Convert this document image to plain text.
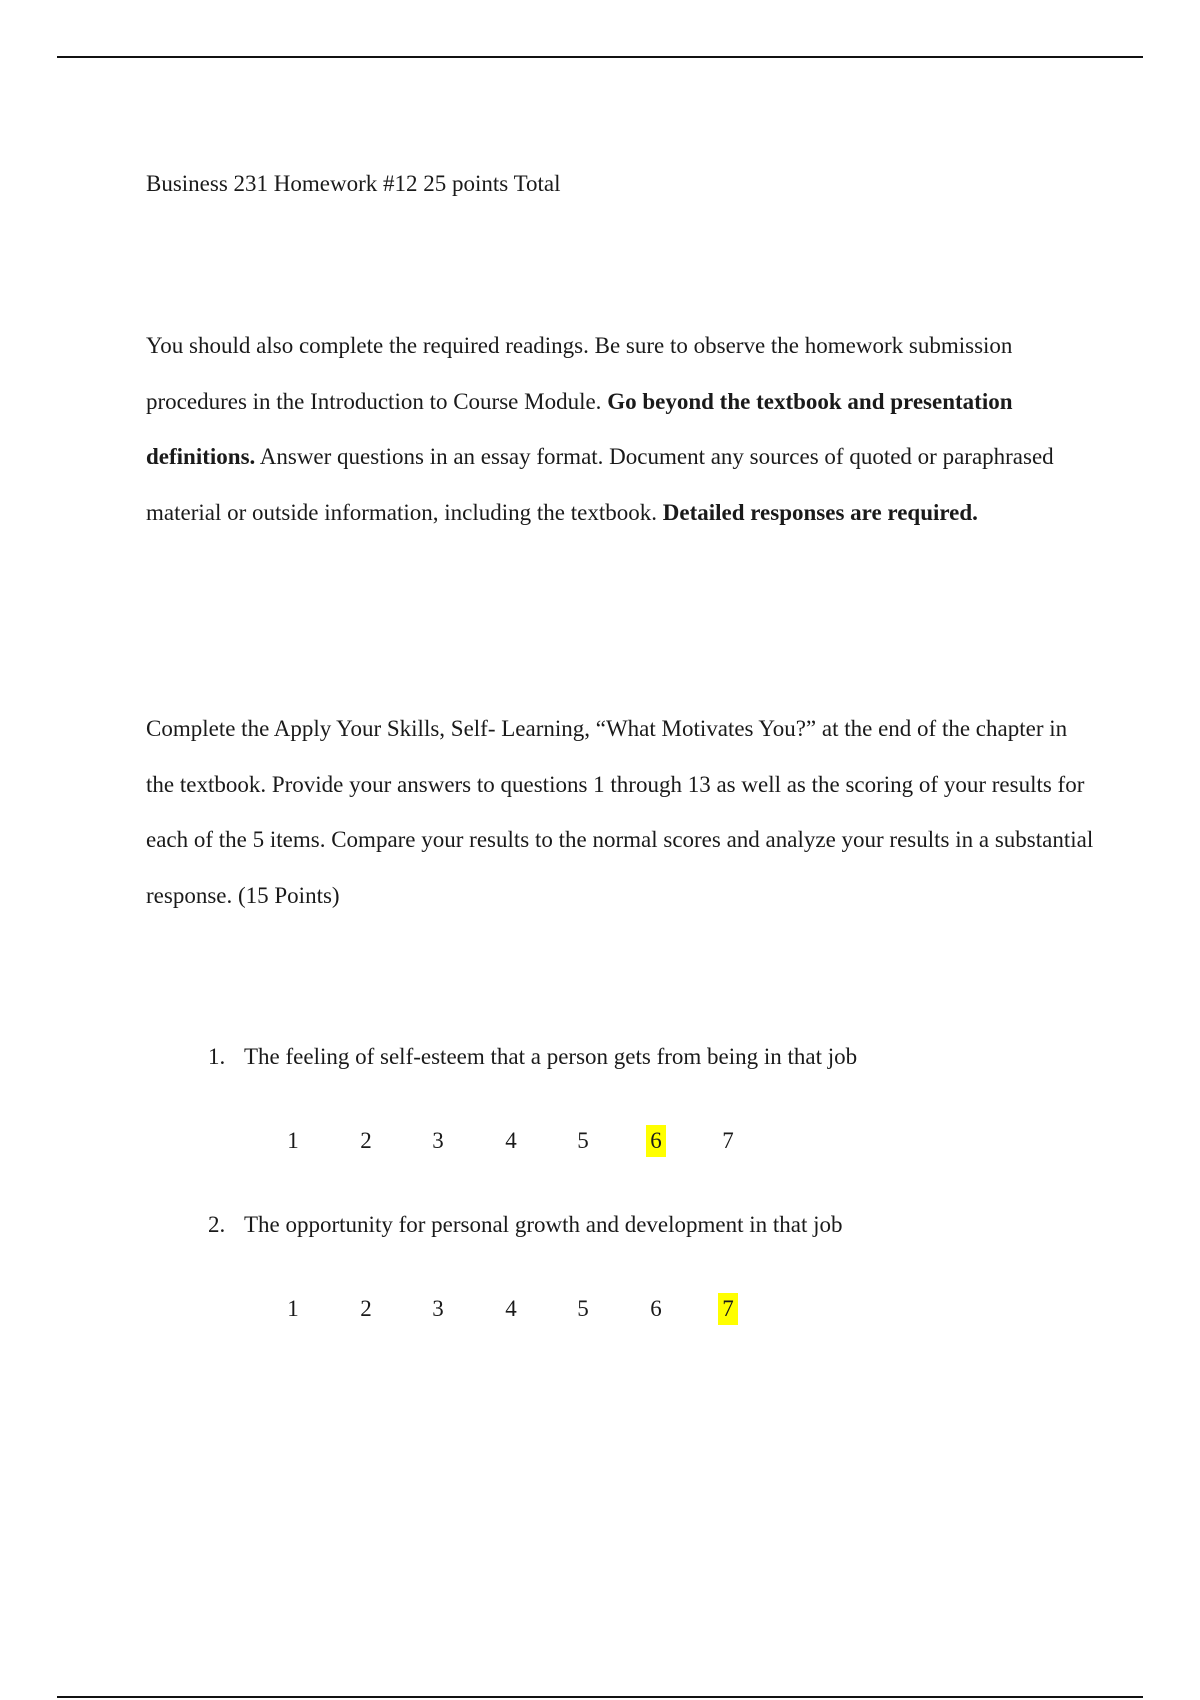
Business 231 Homework #12 25 points Total
You should also complete the required readings. Be sure to observe the homework submission procedures in the Introduction to Course Module. Go beyond the textbook and presentation definitions. Answer questions in an essay format. Document any sources of quoted or paraphrased material or outside information, including the textbook. Detailed responses are required.
Complete the Apply Your Skills, Self- Learning, “What Motivates You?” at the end of the chapter in the textbook. Provide your answers to questions 1 through 13 as well as the scoring of your results for each of the 5 items. Compare your results to the normal scores and analyze your results in a substantial response. (15 Points)
1. The feeling of self-esteem that a person gets from being in that job
1	2	3	4	5	6	7
2. The opportunity for personal growth and development in that job
1	2	3	4	5	6	7
